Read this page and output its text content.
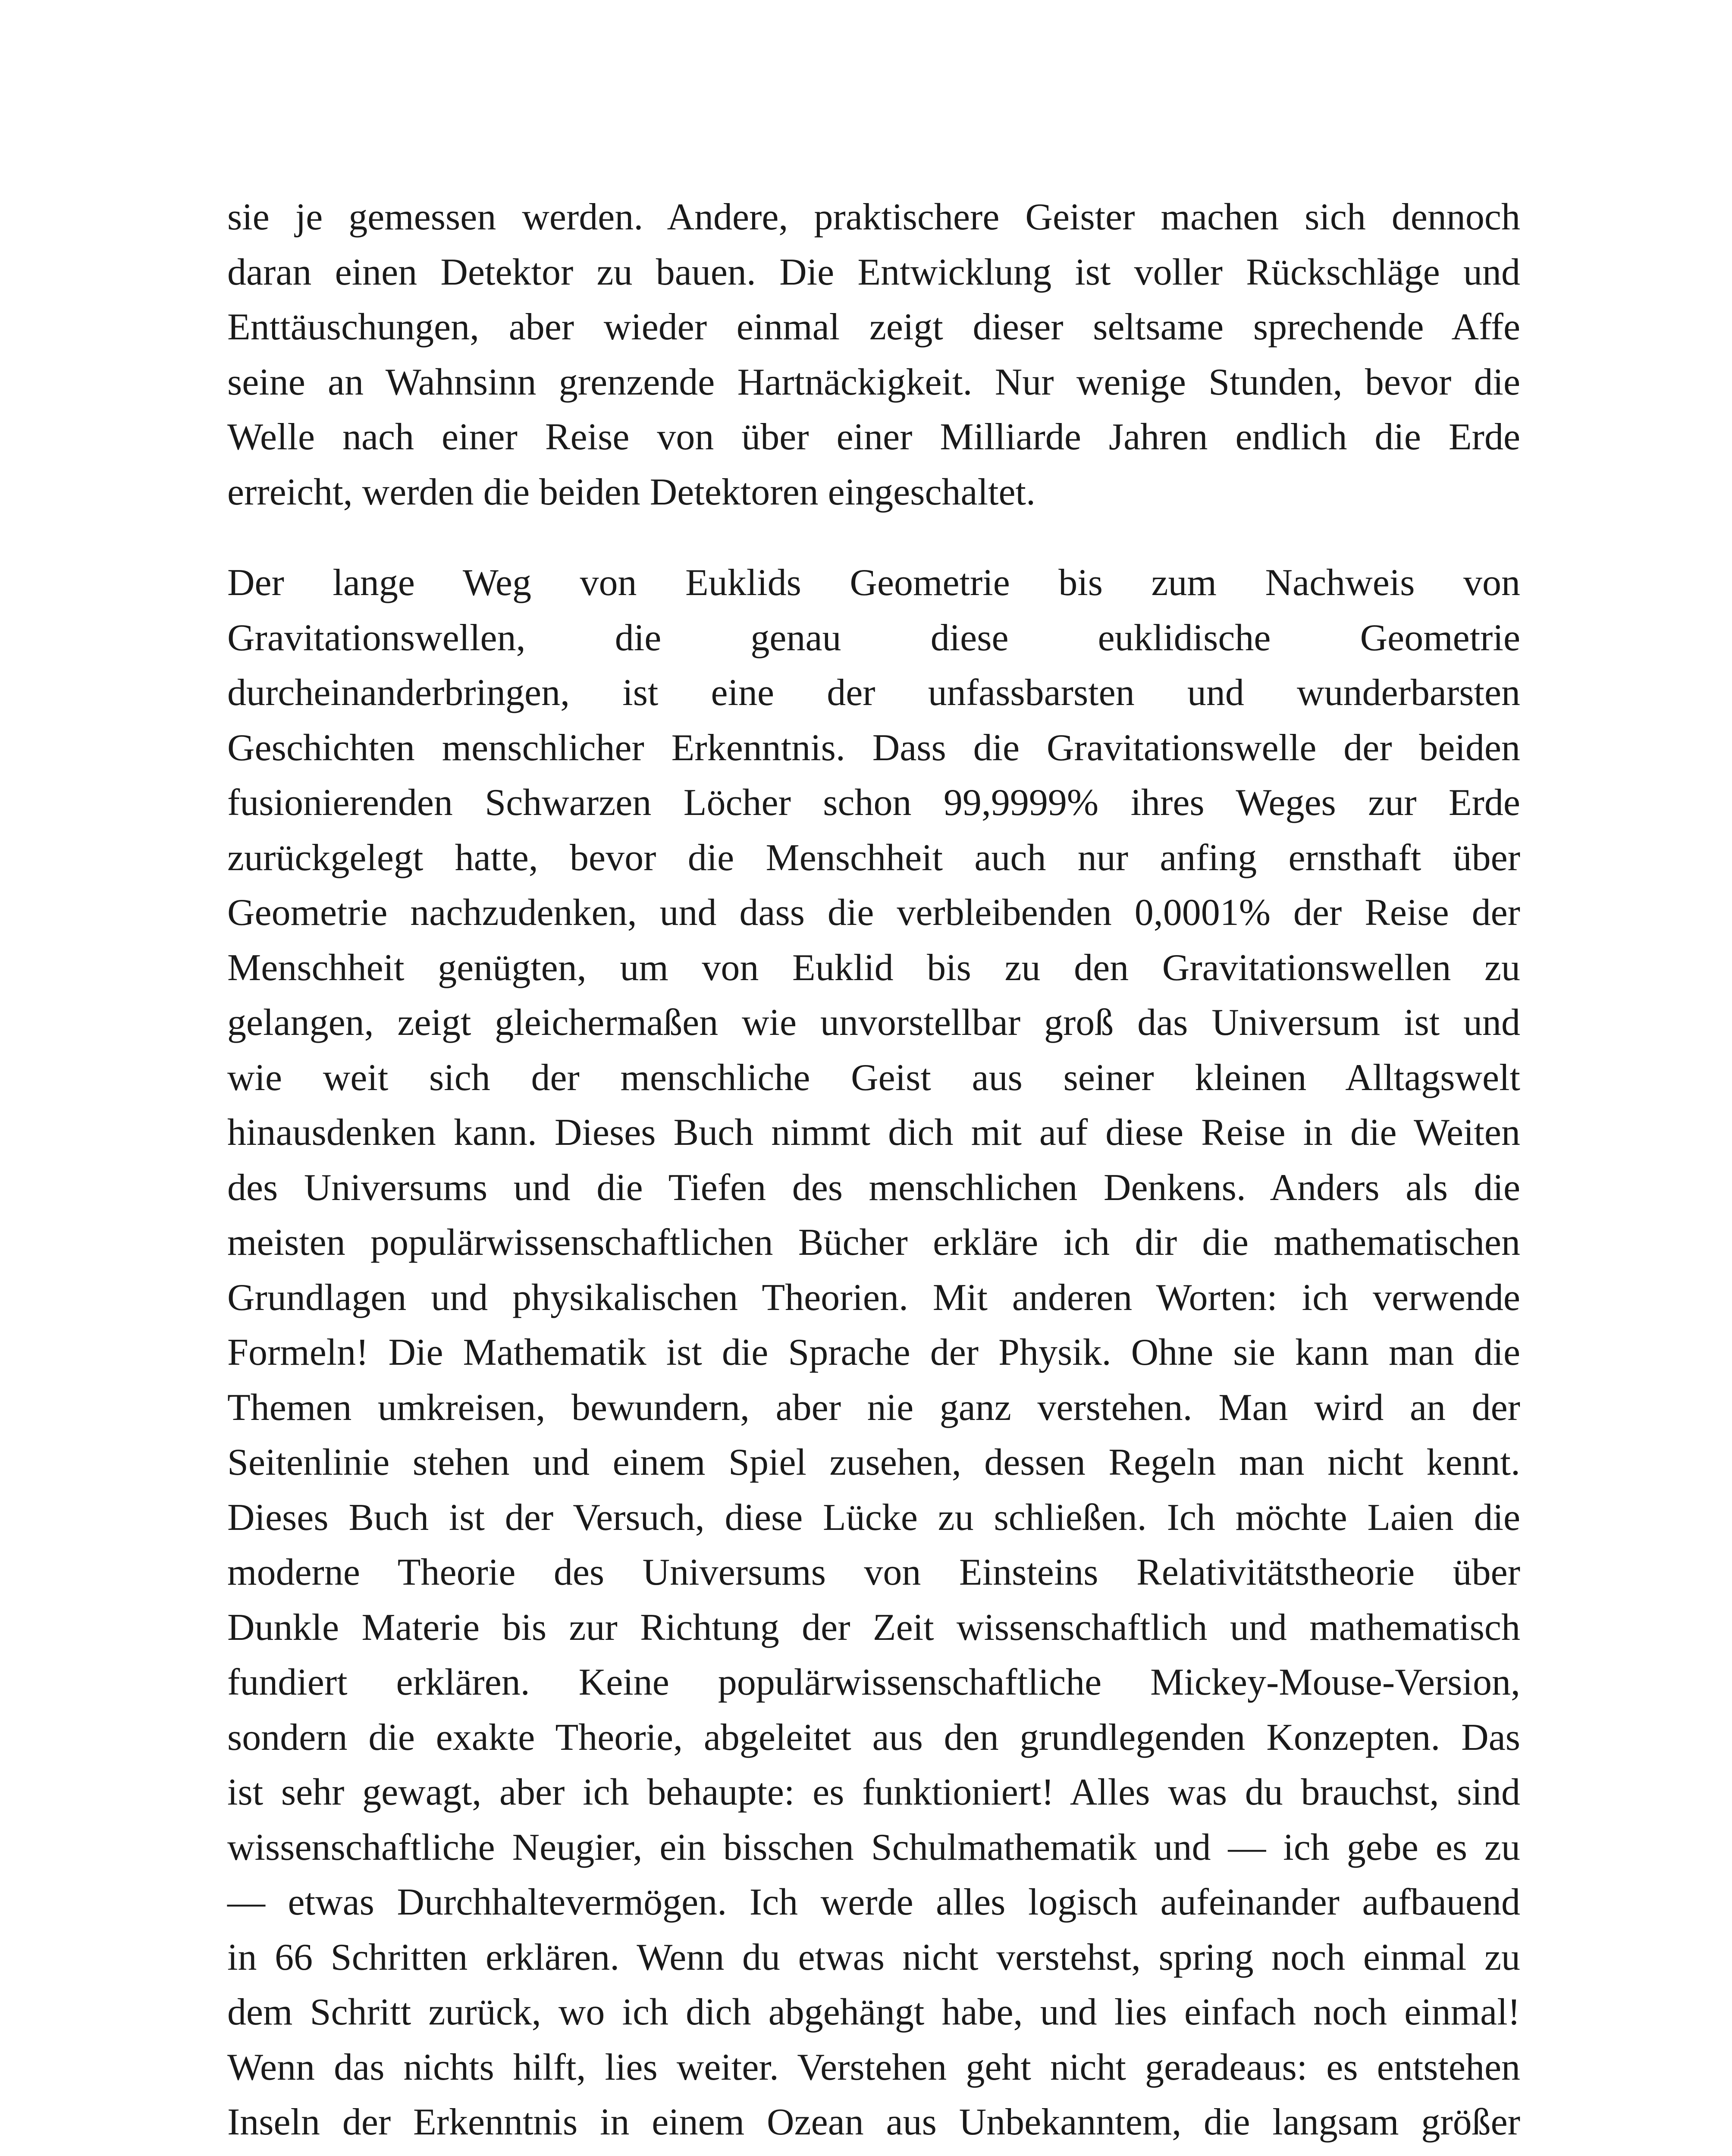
sie je gemessen werden. Andere, praktischere Geister machen sich dennoch
daran einen Detektor zu bauen. Die Entwicklung ist voller Rückschläge und
Enttäuschungen, aber wieder einmal zeigt dieser seltsame sprechende Affe
seine an Wahnsinn grenzende Hartnäckigkeit. Nur wenige Stunden, bevor die
Welle nach einer Reise von über einer Milliarde Jahren endlich die Erde
erreicht, werden die beiden Detektoren eingeschaltet.
Der lange Weg von Euklids Geometrie bis zum Nachweis von
Gravitationswellen, die genau diese euklidische Geometrie
durcheinanderbringen, ist eine der unfassbarsten und wunderbarsten
Geschichten menschlicher Erkenntnis. Dass die Gravitationswelle der beiden
fusionierenden Schwarzen Löcher schon 99,9999% ihres Weges zur Erde
zurückgelegt hatte, bevor die Menschheit auch nur anfing ernsthaft über
Geometrie nachzudenken, und dass die verbleibenden 0,0001% der Reise der
Menschheit genügten, um von Euklid bis zu den Gravitationswellen zu
gelangen, zeigt gleichermaßen wie unvorstellbar groß das Universum ist und
wie weit sich der menschliche Geist aus seiner kleinen Alltagswelt
hinausdenken kann. Dieses Buch nimmt dich mit auf diese Reise in die Weiten
des Universums und die Tiefen des menschlichen Denkens. Anders als die
meisten populärwissenschaftlichen Bücher erkläre ich dir die mathematischen
Grundlagen und physikalischen Theorien. Mit anderen Worten: ich verwende
Formeln! Die Mathematik ist die Sprache der Physik. Ohne sie kann man die
Themen umkreisen, bewundern, aber nie ganz verstehen. Man wird an der
Seitenlinie stehen und einem Spiel zusehen, dessen Regeln man nicht kennt.
Dieses Buch ist der Versuch, diese Lücke zu schließen. Ich möchte Laien die
moderne Theorie des Universums von Einsteins Relativitätstheorie über
Dunkle Materie bis zur Richtung der Zeit wissenschaftlich und mathematisch
fundiert erklären. Keine populärwissenschaftliche Mickey-Mouse-Version,
sondern die exakte Theorie, abgeleitet aus den grundlegenden Konzepten. Das
ist sehr gewagt, aber ich behaupte: es funktioniert! Alles was du brauchst, sind
wissenschaftliche Neugier, ein bisschen Schulmathematik und — ich gebe es zu
— etwas Durchhaltevermögen. Ich werde alles logisch aufeinander aufbauend
in 66 Schritten erklären. Wenn du etwas nicht verstehst, spring noch einmal zu
dem Schritt zurück, wo ich dich abgehängt habe, und lies einfach noch einmal!
Wenn das nichts hilft, lies weiter. Verstehen geht nicht geradeaus: es entstehen
Inseln der Erkenntnis in einem Ozean aus Unbekanntem, die langsam größer
